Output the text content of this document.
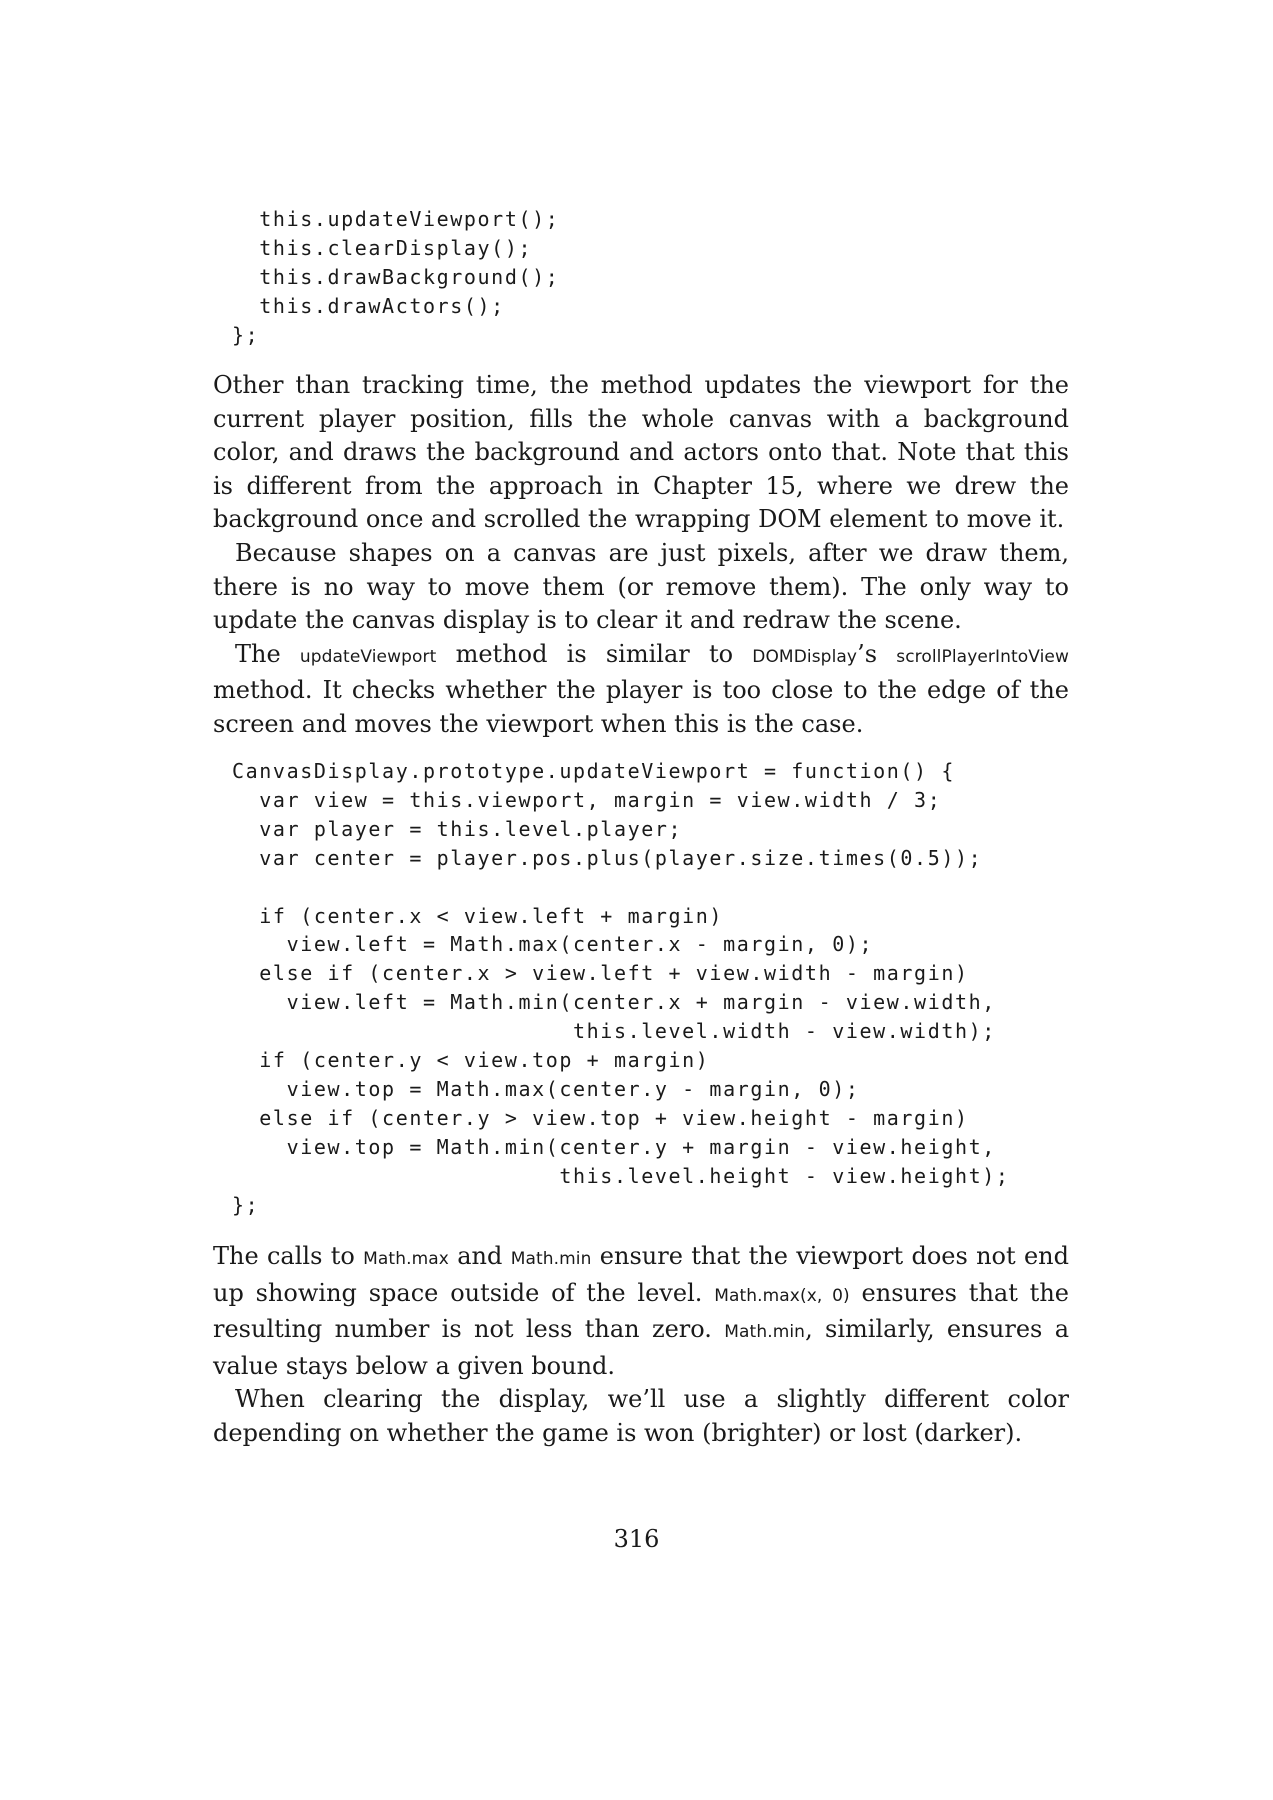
this.updateViewport();
this.clearDisplay();
this.drawBackground();
this.drawActors();
};

Other than tracking time, the method updates the viewport for the current player position, fills the whole canvas with a background color, and draws the background and actors onto that. Note that this is different from the approach in Chapter 15, where we drew the background once and scrolled the wrapping DOM element to move it.

Because shapes on a canvas are just pixels, after we draw them, there is no way to move them (or remove them). The only way to update the canvas display is to clear it and redraw the scene.

The updateViewport method is similar to DOMDisplay’s scrollPlayerIntoView method. It checks whether the player is too close to the edge of the screen and moves the viewport when this is the case.

CanvasDisplay.prototype.updateViewport = function() {
var view = this.viewport, margin = view.width / 3;
var player = this.level.player;
var center = player.pos.plus(player.size.times(0.5));

if (center.x < view.left + margin)
view.left = Math.max(center.x - margin, 0);
else if (center.x > view.left + view.width - margin)
view.left = Math.min(center.x + margin - view.width,
this.level.width - view.width);
if (center.y < view.top + margin)
view.top = Math.max(center.y - margin, 0);
else if (center.y > view.top + view.height - margin)
view.top = Math.min(center.y + margin - view.height,
this.level.height - view.height);
};

The calls to Math.max and Math.min ensure that the viewport does not end up showing space outside of the level. Math.max(x, 0) ensures that the resulting number is not less than zero. Math.min, similarly, ensures a value stays below a given bound.

When clearing the display, we’ll use a slightly different color depending on whether the game is won (brighter) or lost (darker).

316
